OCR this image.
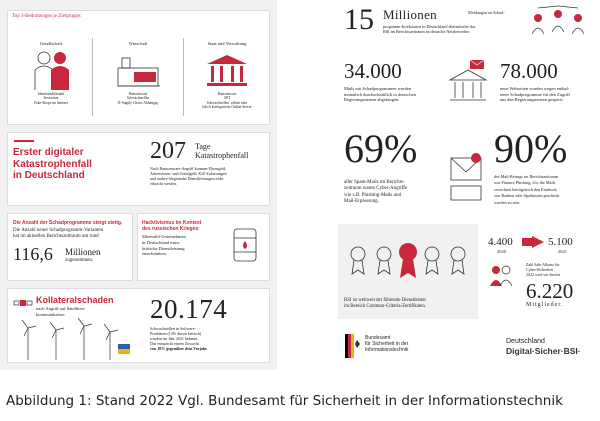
Top 3-Bedrohungen je Zielgruppe:
Gesellschaft
Identitätsdiebstahl
Sextortion
Fake-Shops im Internet
Wirtschaft
Ransomware
Schwachstellen
IT-Supply-Chain: Abhängig.
Staat und Verwaltung
Ransomware
APT
Schwachstellen, offene oder
falsch konfigurierte Online-Server
Erster digitaler
Katastrophenfall
in Deutschland
207 Tage
Katastrophenfall
Nach Ransomware-Angriff konnten Elterngeld,
Arbeitslosen- und Sozialgeld, KfZ-Zulassungen
und andere bürgernahe Dienstleistungen nicht
erbracht werden.
Die Anzahl der Schadprogramme steigt stetig.
Die Anzahl neuer Schadprogramm-Varianten
hat im aktuellen Berichtszeitraum um rund
116,6 Millionen
zugenommen.
Hacktivismus im Kontext
des russischen Krieges:
Mineralöl-Unternehmen
in Deutschland muss
kritische Dienstleistung
einschränken.
Kollateralschaden
nach Angriff auf Satelliten-
kommunikation	20.174
Schwachstellen in Software-
Produkten (13% davon kritisch)
wurden im Jahr 2021 bekannt.
Das entspricht einem Zuwachs
von 10% gegenüber dem Vorjahr.
15 Millionen	Meldungen zu Schad-
programm-Infektionen in Deutschland übermittelte das
BSI im Berichtszeitraum an deutsche Netzbetreiber.
34.000
Mails mit Schadprogrammen wurden
monatlich durchschnittlich in deutschen
Regierungsnetzen abgefangen.
78.000
neue Webseiten wurden wegen enthal-
tener Schadprogramme für den Zugriff
aus den Regierungsnetzen gesperrt.
69%
aller Spam-Mails im Berichts-
zeitraum waren Cyber-Angriffe
wie z.B. Phishing-Mails und
Mail-Erpressung.
90%
des Mail-Betrugs im Berichtszeitraum
war Finance Phishing, d.h. die Mails
erweckten betrügerisch den Eindruck,
von Banken oder Sparkassen geschickt
worden zu sein.
BSI ist weltweit der führende Dienstleister
im Bereich Common-Criteria-Zertifikaten.
4.400
2020
5.100
2021
Zahl-Jahr Allianz für
Cyber-Sicherheit
2022 wird wir bereits
6.220
Mitglieder.
Bundesamt
für Sicherheit in der
Informationstechnik
Deutschland
Digital·Sicher·BSI·
Abbildung 1: Stand 2022 Vgl. Bundesamt für Sicherheit in der Informationstechnik
